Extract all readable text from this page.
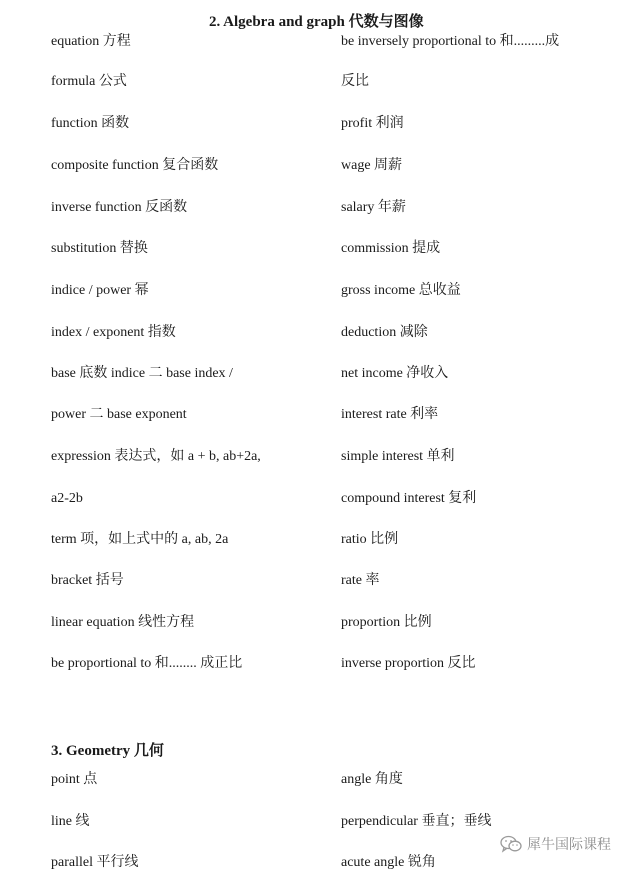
2. Algebra and graph 代数与图像
equation 方程
formula 公式
function 函数
composite function 复合函数
inverse function 反函数
substitution 替换
indice / power 幂
index / exponent 指数
base 底数 indice 二 base index /
power 二 base exponent
expression 表达式，如 a + b, ab+2a,
a2-2b
term 项，如上式中的 a, ab, 2a
bracket 括号
linear equation 线性方程
be proportional to 和........ 成正比
be inversely proportional to 和.........成
反比
profit 利润
wage 周薪
salary 年薪
commission 提成
gross income 总收益
deduction 减除
net income 净收入
interest rate 利率
simple interest 单利
compound interest 复利
ratio 比例
rate 率
proportion 比例
inverse proportion 反比
3. Geometry 几何
point 点
line 线
parallel 平行线
angle 角度
perpendicular 垂直；垂线
acute angle 锐角
犀牛国际课程
